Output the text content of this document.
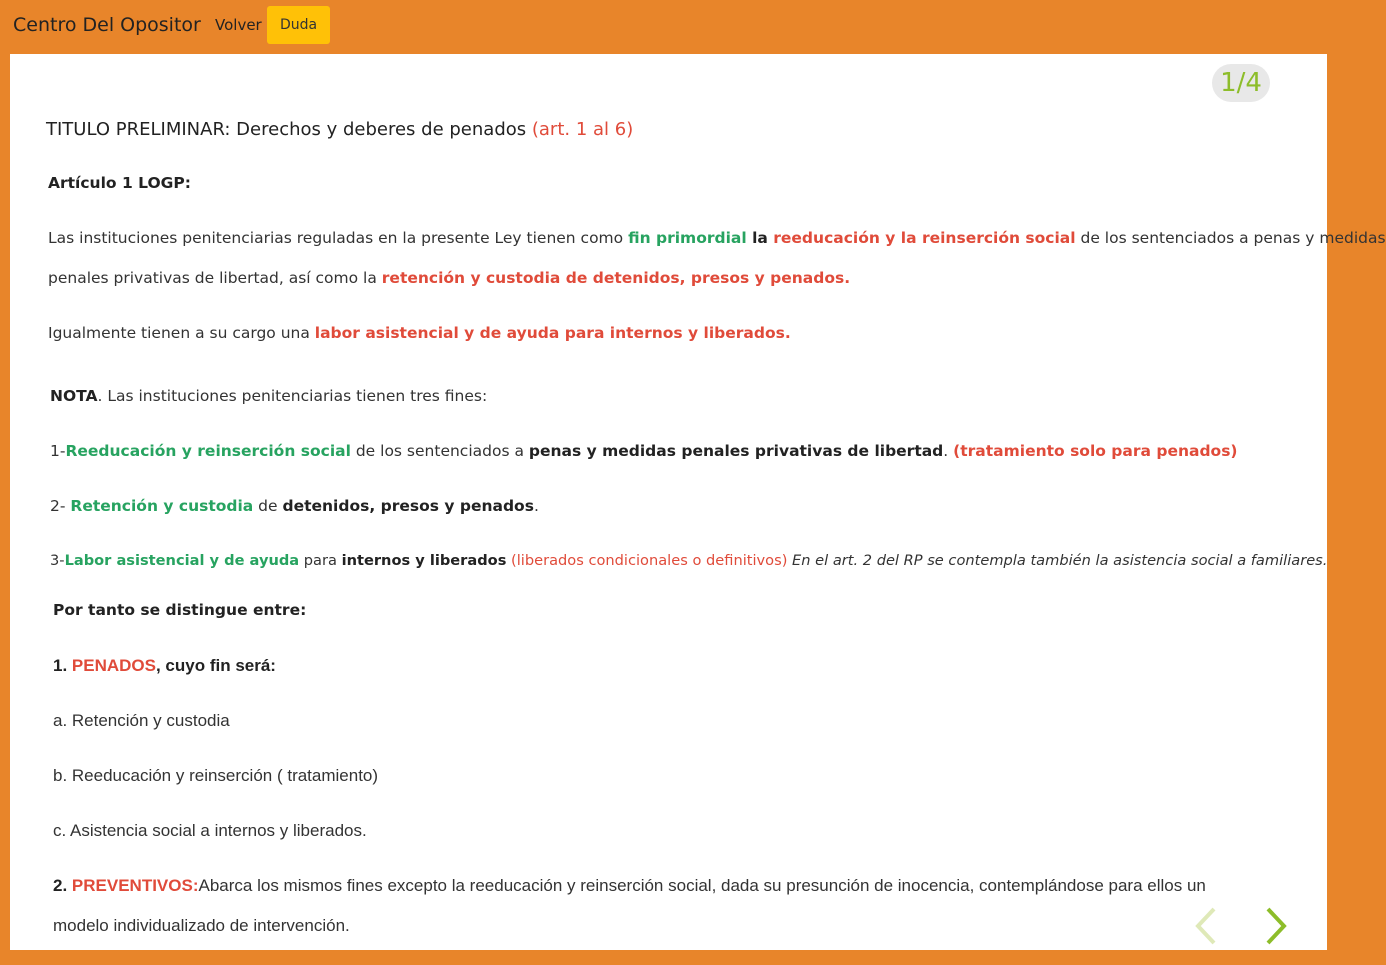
Centro Del Opositor Volver	Duda
1/4
TITULO PRELIMINAR: Derechos y deberes de penados (art. 1 al 6)
Artículo 1 LOGP:
Las instituciones penitenciarias reguladas en la presente Ley tienen como fin primordial la reeducación y la reinserción social de los sentenciados a penas y medidas
penales privativas de libertad, así como la retención y custodia de detenidos, presos y penados.
Igualmente tienen a su cargo una labor asistencial y de ayuda para internos y liberados.
NOTA. Las instituciones penitenciarias tienen tres fines:
1-Reeducación y reinserción social de los sentenciados a penas y medidas penales privativas de libertad. (tratamiento solo para penados)
2- Retención y custodia de detenidos, presos y penados.
3-Labor asistencial y de ayuda para internos y liberados (liberados condicionales o definitivos) En el art. 2 del RP se contempla también la asistencia social a familiares.
Por tanto se distingue entre:
1. PENADOS, cuyo fin será:
a. Retención y custodia
b. Reeducación y reinserción ( tratamiento)
c. Asistencia social a internos y liberados.
2. PREVENTIVOS:Abarca los mismos fines excepto la reeducación y reinserción social, dada su presunción de inocencia, contemplándose para ellos un
modelo individualizado de intervención.
